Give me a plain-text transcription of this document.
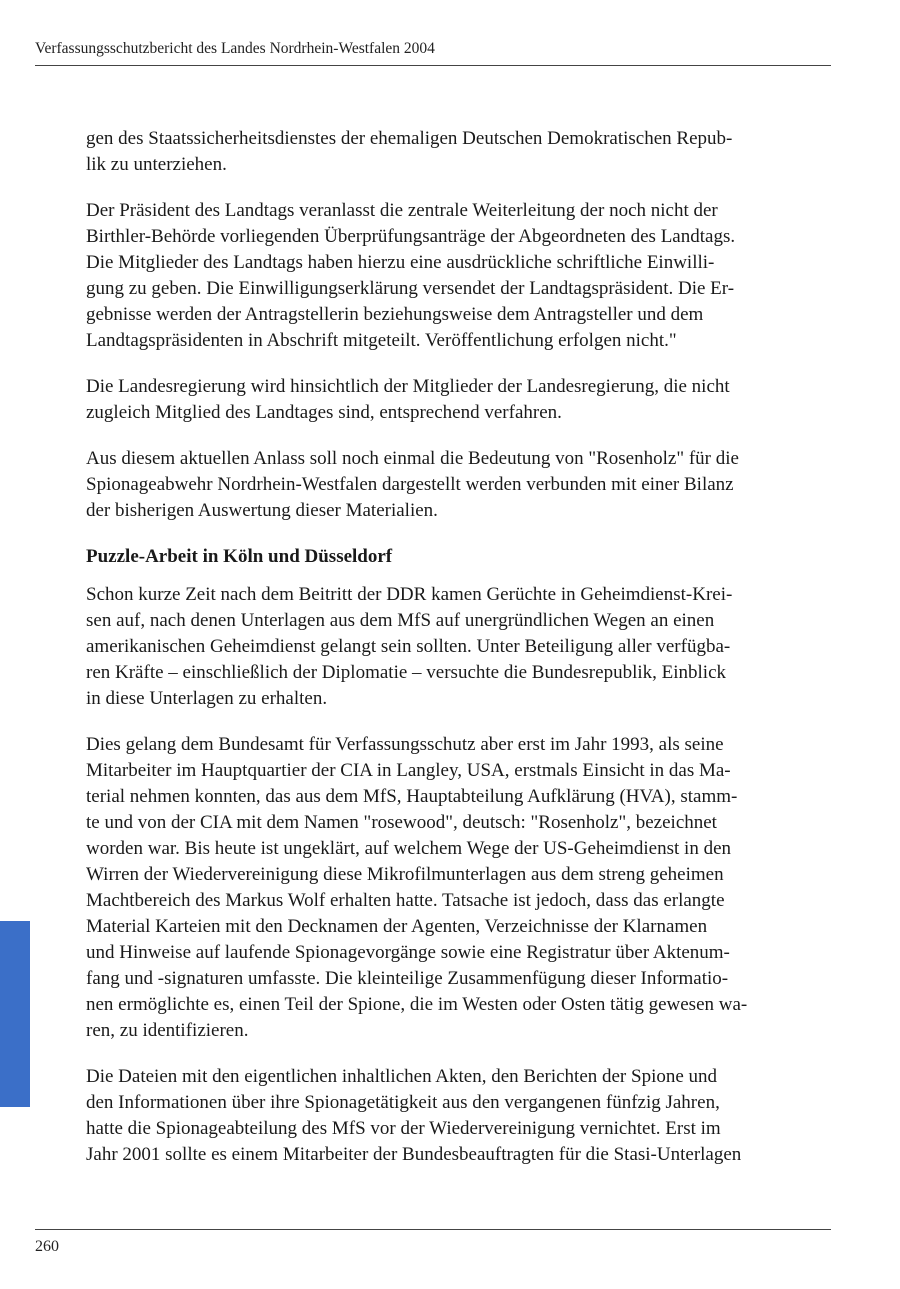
Verfassungsschutzbericht des Landes Nordrhein-Westfalen 2004

gen des Staatssicherheitsdienstes der ehemaligen Deutschen Demokratischen Repub-
lik zu unterziehen.

Der Präsident des Landtags veranlasst die zentrale Weiterleitung der noch nicht der
Birthler-Behörde vorliegenden Überprüfungsanträge der Abgeordneten des Landtags.
Die Mitglieder des Landtags haben hierzu eine ausdrückliche schriftliche Einwilli-
gung zu geben. Die Einwilligungserklärung versendet der Landtagspräsident. Die Er-
gebnisse werden der Antragstellerin beziehungsweise dem Antragsteller und dem
Landtagspräsidenten in Abschrift mitgeteilt. Veröffentlichung erfolgen nicht."

Die Landesregierung wird hinsichtlich der Mitglieder der Landesregierung, die nicht
zugleich Mitglied des Landtages sind, entsprechend verfahren.

Aus diesem aktuellen Anlass soll noch einmal die Bedeutung von "Rosenholz" für die
Spionageabwehr Nordrhein-Westfalen dargestellt werden verbunden mit einer Bilanz
der bisherigen Auswertung dieser Materialien.

Puzzle-Arbeit in Köln und Düsseldorf

Schon kurze Zeit nach dem Beitritt der DDR kamen Gerüchte in Geheimdienst-Krei-
sen auf, nach denen Unterlagen aus dem MfS auf unergründlichen Wegen an einen
amerikanischen Geheimdienst gelangt sein sollten. Unter Beteiligung aller verfügba-
ren Kräfte – einschließlich der Diplomatie – versuchte die Bundesrepublik, Einblick
in diese Unterlagen zu erhalten.

Dies gelang dem Bundesamt für Verfassungsschutz aber erst im Jahr 1993, als seine
Mitarbeiter im Hauptquartier der CIA in Langley, USA, erstmals Einsicht in das Ma-
terial nehmen konnten, das aus dem MfS, Hauptabteilung Aufklärung (HVA), stamm-
te und von der CIA mit dem Namen "rosewood", deutsch: "Rosenholz", bezeichnet
worden war. Bis heute ist ungeklärt, auf welchem Wege der US-Geheimdienst in den
Wirren der Wiedervereinigung diese Mikrofilmunterlagen aus dem streng geheimen
Machtbereich des Markus Wolf erhalten hatte. Tatsache ist jedoch, dass das erlangte
Material Karteien mit den Decknamen der Agenten, Verzeichnisse der Klarnamen
und Hinweise auf laufende Spionagevorgänge sowie eine Registratur über Aktenum-
fang und -signaturen umfasste. Die kleinteilige Zusammenfügung dieser Informatio-
nen ermöglichte es, einen Teil der Spione, die im Westen oder Osten tätig gewesen wa-
ren, zu identifizieren.

Die Dateien mit den eigentlichen inhaltlichen Akten, den Berichten der Spione und
den Informationen über ihre Spionagetätigkeit aus den vergangenen fünfzig Jahren,
hatte die Spionageabteilung des MfS vor der Wiedervereinigung vernichtet. Erst im
Jahr 2001 sollte es einem Mitarbeiter der Bundesbeauftragten für die Stasi-Unterlagen

260
